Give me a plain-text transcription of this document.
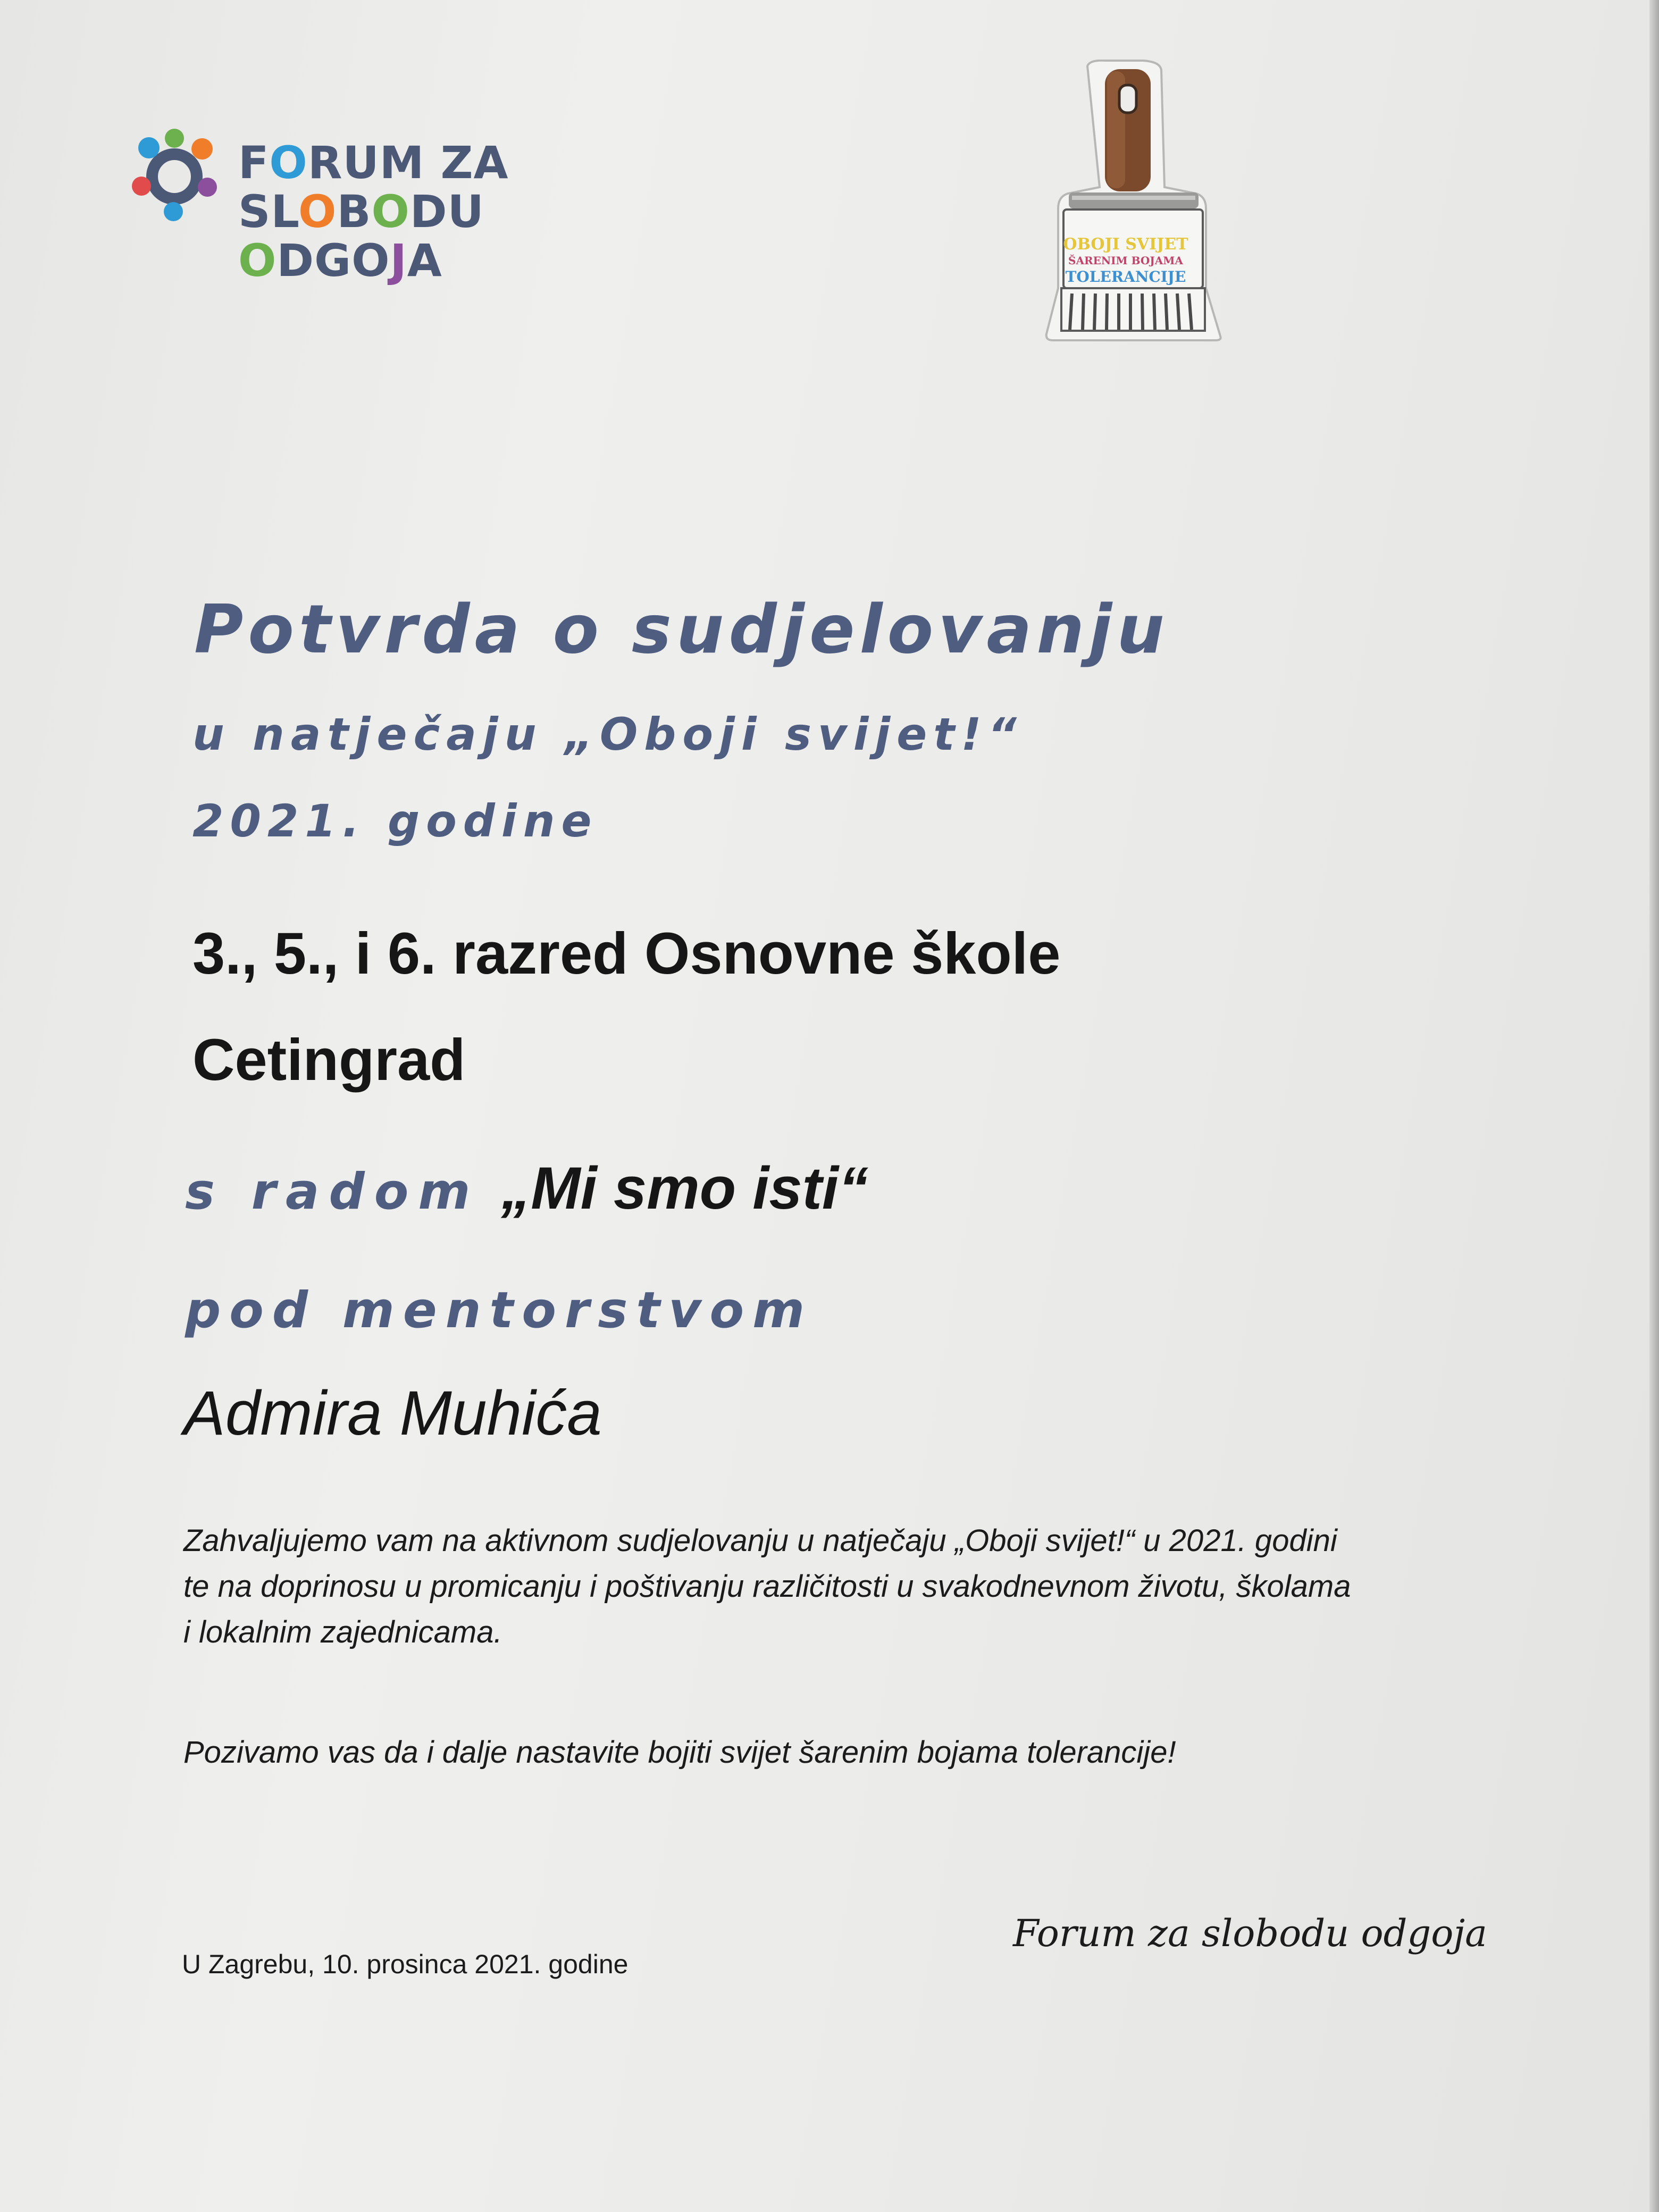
FORUM ZA
SLOBODU
ODGOJA	OBOJI SVIJET
ŠARENIM BOJAMA
TOLERANCIJE
Potvrda o sudjelovanju
u natječaju „Oboji svijet!“
2021. godine
3., 5., i 6. razred Osnovne škole
Cetingrad
s radom „Mi smo isti“
pod mentorstvom
Admira Muhića
Zahvaljujemo vam na aktivnom sudjelovanju u natječaju „Oboji svijet!“ u 2021. godini
te na doprinosu u promicanju i poštivanju različitosti u svakodnevnom životu, školama
i lokalnim zajednicama.
Pozivamo vas da i dalje nastavite bojiti svijet šarenim bojama tolerancije!
Forum za slobodu odgoja
U Zagrebu, 10. prosinca 2021. godine
